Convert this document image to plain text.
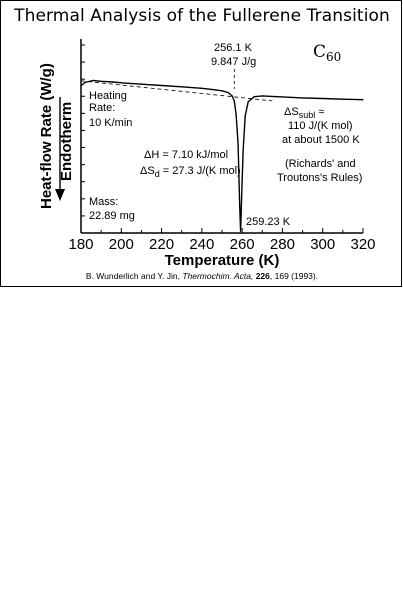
Thermal Analysis of the Fullerene Transition
180 200 220 240 260 280 300 320
$C_{60}$
256.1 K
9.847 J/g
Heating
Rate:
10 K/min
ΔH = 7.10 kJ/mol
$\Delta S_d = 27.3$ J/(K mol)
$\Delta S_{subl}$ ≈
110 J/(K mol)
at about 1500 K
(Richards' and
Troutons's Rules)
Mass:
22.89 mg	259.23 K
Heat-flow Rate (W/g) Endotherm
Temperature (K)
B. Wunderlich and Y. Jin, Thermochim. Acta, 226, 169 (1993).
